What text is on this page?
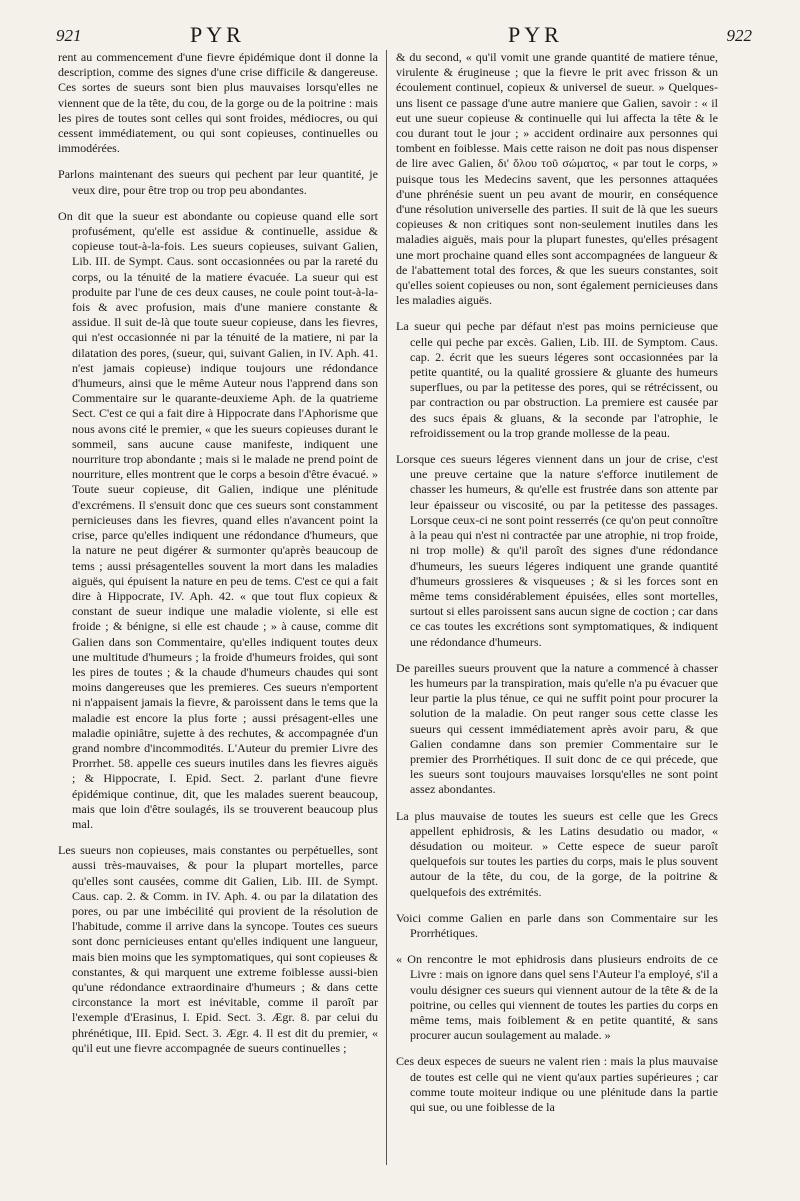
921	PYR	PYR	922

rent au commencement d'une fievre épidémique dont il donne la description, comme des signes d'une crise difficile & dangereuse. Ces sortes de sueurs sont bien plus mauvaises lorsqu'elles ne viennent que de la tête, du cou, de la gorge ou de la poitrine : mais les pires de toutes sont celles qui sont froides, médiocres, ou qui cessent immédiatement, ou qui sont copieuses, continuelles ou immodérées.

Parlons maintenant des sueurs qui pechent par leur quantité, je veux dire, pour être trop ou trop peu abondantes.

On dit que la sueur est abondante ou copieuse quand elle sort profusément, qu'elle est assidue & continuelle, assidue & copieuse tout-à-la-fois. Les sueurs copieuses, suivant Galien, Lib. III. de Sympt. Caus. sont occasionnées ou par la rareté du corps, ou la ténuité de la matiere évacuée. La sueur qui est produite par l'une de ces deux causes, ne coule point tout-à-la-fois & avec profusion, mais d'une maniere constante & assidue. Il suit de-là que toute sueur copieuse, dans les fievres, qui n'est occasionnée ni par la ténuité de la matiere, ni par la dilatation des pores, (sueur, qui, suivant Galien, in IV. Aph. 41. n'est jamais copieuse) indique toujours une rédondance d'humeurs, ainsi que le même Auteur nous l'apprend dans son Commentaire sur le quarante-deuxieme Aph. de la quatrieme Sect. C'est ce qui a fait dire à Hippocrate dans l'Aphorisme que nous avons cité le premier, « que les sueurs copieuses durant le sommeil, sans aucune cause manifeste, indiquent une nourriture trop abondante ; mais si le malade ne prend point de nourriture, elles montrent que le corps a besoin d'être évacué. » Toute sueur copieuse, dit Galien, indique une plénitude d'excrémens. Il s'ensuit donc que ces sueurs sont constamment pernicieuses dans les fievres, quand elles n'avancent point la crise, parce qu'elles indiquent une rédondance d'humeurs, que la nature ne peut digérer & surmonter qu'après beaucoup de tems ; aussi présagentelles souvent la mort dans les maladies aiguës, qui épuisent la nature en peu de tems. C'est ce qui a fait dire à Hippocrate, IV. Aph. 42. « que tout flux copieux & constant de sueur indique une maladie violente, si elle est froide ; & bénigne, si elle est chaude ; » à cause, comme dit Galien dans son Commentaire, qu'elles indiquent toutes deux une multitude d'humeurs ; la froide d'humeurs froides, qui sont les pires de toutes ; & la chaude d'humeurs chaudes qui sont moins dangereuses que les premieres. Ces sueurs n'emportent ni n'appaisent jamais la fievre, & paroissent dans le tems que la maladie est encore la plus forte ; aussi présagent-elles une maladie opiniâtre, sujette à des rechutes, & accompagnée d'un grand nombre d'incommodités. L'Auteur du premier Livre des Prorrhet. 58. appelle ces sueurs inutiles dans les fievres aiguës ; & Hippocrate, I. Epid. Sect. 2. parlant d'une fievre épidémique continue, dit, que les malades suerent beaucoup, mais que loin d'être soulagés, ils se trouverent beaucoup plus mal.

Les sueurs non copieuses, mais constantes ou perpétuelles, sont aussi très-mauvaises, & pour la plupart mortelles, parce qu'elles sont causées, comme dit Galien, Lib. III. de Sympt. Caus. cap. 2. & Comm. in IV. Aph. 4. ou par la dilatation des pores, ou par une imbécilité qui provient de la résolution de l'habitude, comme il arrive dans la syncope. Toutes ces sueurs sont donc pernicieuses entant qu'elles indiquent une langueur, mais bien moins que les symptomatiques, qui sont copieuses & constantes, & qui marquent une extreme foiblesse aussi-bien qu'une rédondance extraordinaire d'humeurs ; & dans cette circonstance la mort est inévitable, comme il paroît par l'exemple d'Erasinus, I. Epid. Sect. 3. Ægr. 8. par celui du phrénétique, III. Epid. Sect. 3. Ægr. 4. Il est dit du premier, « qu'il eut une fievre accompagnée de sueurs continuelles ;

& du second, « qu'il vomit une grande quantité de matiere ténue, virulente & érugineuse ; que la fievre le prit avec frisson & un écoulement continuel, copieux & universel de sueur. » Quelques-uns lisent ce passage d'une autre maniere que Galien, savoir : « il eut une sueur copieuse & continuelle qui lui affecta la tête & le cou durant tout le jour ; » accident ordinaire aux personnes qui tombent en foiblesse. Mais cette raison ne doit pas nous dispenser de lire avec Galien, δι' ὅλου τοῦ σώματος, « par tout le corps, » puisque tous les Medecins savent, que les personnes attaquées d'une phrénésie suent un peu avant de mourir, en conséquence d'une résolution universelle des parties. Il suit de là que les sueurs copieuses & non critiques sont non-seulement inutiles dans les maladies aiguës, mais pour la plupart funestes, qu'elles présagent une mort prochaine quand elles sont accompagnées de langueur & de l'abattement total des forces, & que les sueurs constantes, soit qu'elles soient copieuses ou non, sont également pernicieuses dans les maladies aiguës.

La sueur qui peche par défaut n'est pas moins pernicieuse que celle qui peche par excès. Galien, Lib. III. de Symptom. Caus. cap. 2. écrit que les sueurs légeres sont occasionnées par la petite quantité, ou la qualité grossiere & gluante des humeurs superflues, ou par la petitesse des pores, qui se rétrécissent, ou par contraction ou par obstruction. La premiere est causée par des sucs épais & gluans, & la seconde par l'atrophie, le refroidissement ou la trop grande mollesse de la peau.

Lorsque ces sueurs légeres viennent dans un jour de crise, c'est une preuve certaine que la nature s'efforce inutilement de chasser les humeurs, & qu'elle est frustrée dans son attente par leur épaisseur ou viscosité, ou par la petitesse des passages. Lorsque ceux-ci ne sont point resserrés (ce qu'on peut connoître à la peau qui n'est ni contractée par une atrophie, ni trop froide, ni trop molle) & qu'il paroît des signes d'une rédondance d'humeurs, les sueurs légeres indiquent une grande quantité d'humeurs grossieres & visqueuses ; & si les forces sont en même tems considérablement épuisées, elles sont mortelles, surtout si elles paroissent sans aucun signe de coction ; car dans ce cas toutes les excrétions sont symptomatiques, & indiquent une rédondance d'humeurs.

De pareilles sueurs prouvent que la nature a commencé à chasser les humeurs par la transpiration, mais qu'elle n'a pu évacuer que leur partie la plus ténue, ce qui ne suffit point pour procurer la solution de la maladie. On peut ranger sous cette classe les sueurs qui cessent immédiatement après avoir paru, & que Galien condamne dans son premier Commentaire sur le premier des Prorrhétiques. Il suit donc de ce qui précede, que les sueurs sont toujours mauvaises lorsqu'elles ne sont point assez abondantes.

La plus mauvaise de toutes les sueurs est celle que les Grecs appellent ephidrosis, & les Latins desudatio ou mador, « désudation ou moiteur. » Cette espece de sueur paroît quelquefois sur toutes les parties du corps, mais le plus souvent autour de la tête, du cou, de la gorge, de la poitrine & quelquefois des extrémités.

Voici comme Galien en parle dans son Commentaire sur les Prorrhétiques.

« On rencontre le mot ephidrosis dans plusieurs endroits de ce Livre : mais on ignore dans quel sens l'Auteur l'a employé, s'il a voulu désigner ces sueurs qui viennent autour de la tête & de la poitrine, ou celles qui viennent de toutes les parties du corps en même tems, mais foiblement & en petite quantité, & sans procurer aucun soulagement au malade. »

Ces deux especes de sueurs ne valent rien : mais la plus mauvaise de toutes est celle qui ne vient qu'aux parties supérieures ; car comme toute moiteur indique ou une plénitude dans la partie qui sue, ou une foiblesse de la
